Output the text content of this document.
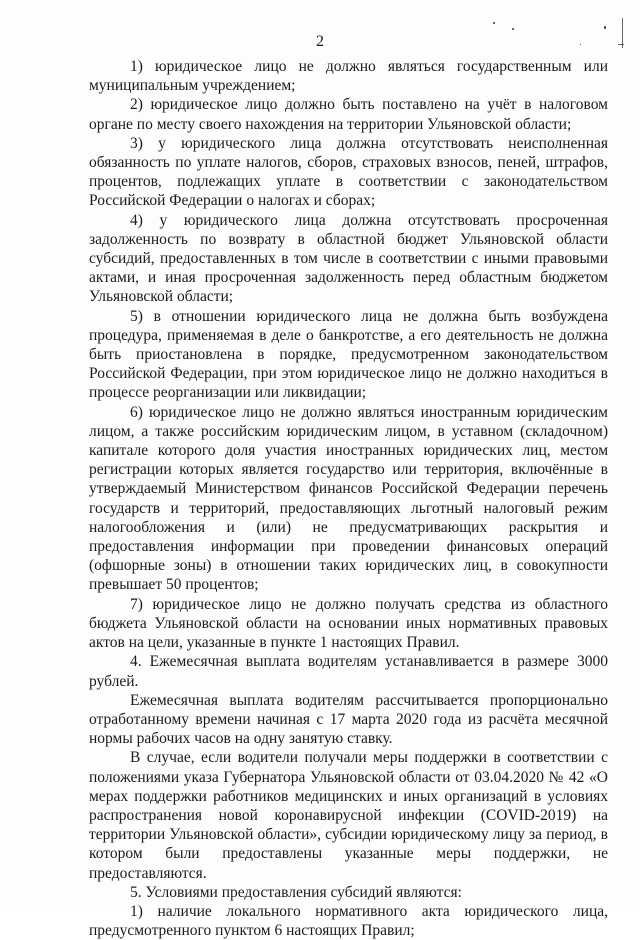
2

1) юридическое лицо не должно являться государственным или муниципальным учреждением;

2) юридическое лицо должно быть поставлено на учёт в налоговом органе по месту своего нахождения на территории Ульяновской области;

3) у юридического лица должна отсутствовать неисполненная обязанность по уплате налогов, сборов, страховых взносов, пеней, штрафов, процентов, подлежащих уплате в соответствии с законодательством Российской Федерации о налогах и сборах;

4) у юридического лица должна отсутствовать просроченная задолженность по возврату в областной бюджет Ульяновской области субсидий, предоставленных в том числе в соответствии с иными правовыми актами, и иная просроченная задолженность перед областным бюджетом Ульяновской области;

5) в отношении юридического лица не должна быть возбуждена процедура, применяемая в деле о банкротстве, а его деятельность не должна быть приостановлена в порядке, предусмотренном законодательством Российской Федерации, при этом юридическое лицо не должно находиться в процессе реорганизации или ликвидации;

6) юридическое лицо не должно являться иностранным юридическим лицом, а также российским юридическим лицом, в уставном (складочном) капитале которого доля участия иностранных юридических лиц, местом регистрации которых является государство или территория, включённые в утверждаемый Министерством финансов Российской Федерации перечень государств и территорий, предоставляющих льготный налоговый режим налогообложения и (или) не предусматривающих раскрытия и предоставления информации при проведении финансовых операций (офшорные зоны) в отношении таких юридических лиц, в совокупности превышает 50 процентов;

7) юридическое лицо не должно получать средства из областного бюджета Ульяновской области на основании иных нормативных правовых актов на цели, указанные в пункте 1 настоящих Правил.

4. Ежемесячная выплата водителям устанавливается в размере 3000 рублей.

Ежемесячная выплата водителям рассчитывается пропорционально отработанному времени начиная с 17 марта 2020 года из расчёта месячной нормы рабочих часов на одну занятую ставку.

В случае, если водители получали меры поддержки в соответствии с положениями указа Губернатора Ульяновской области от 03.04.2020 № 42 «О мерах поддержки работников медицинских и иных организаций в условиях распространения новой коронавирусной инфекции (COVID-2019) на территории Ульяновской области», субсидии юридическому лицу за период, в котором были предоставлены указанные меры поддержки, не предоставляются.

5. Условиями предоставления субсидий являются:

1) наличие локального нормативного акта юридического лица, предусмотренного пунктом 6 настоящих Правил;
